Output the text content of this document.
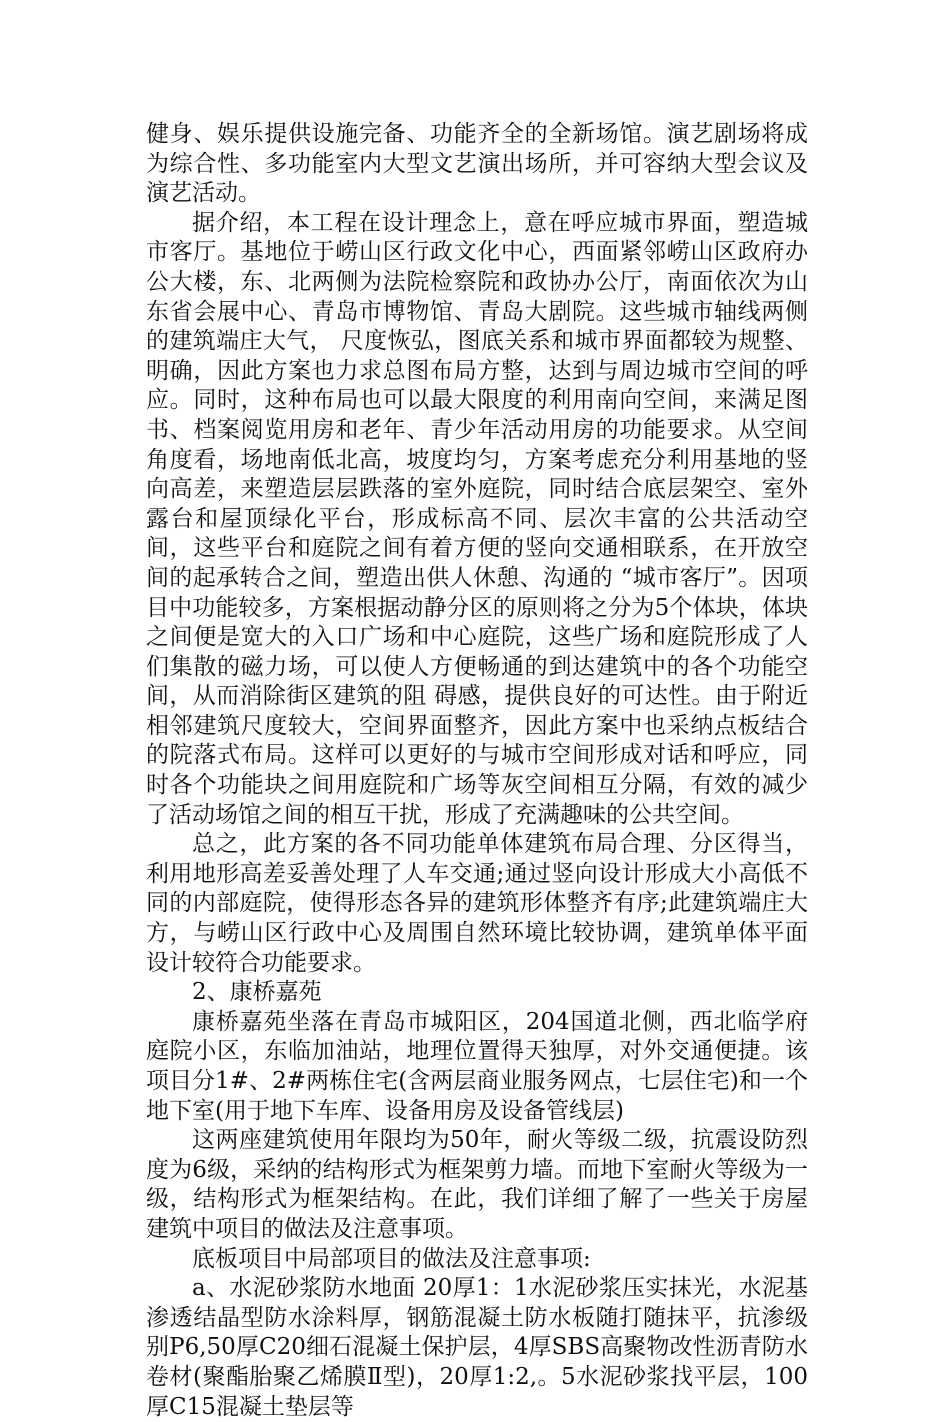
健身、娱乐提供设施完备、功能齐全的全新场馆。演艺剧场将成为综合性、多功能室内大型文艺演出场所，并可容纳大型会议及演艺活动。

据介绍，本工程在设计理念上，意在呼应城市界面，塑造城市客厅。基地位于崂山区行政文化中心，西面紧邻崂山区政府办公大楼，东、北两侧为法院检察院和政协办公厅，南面依次为山东省会展中心、青岛市博物馆、青岛大剧院。这些城市轴线两侧的建筑端庄大气， 尺度恢弘，图底关系和城市界面都较为规整、明确，因此方案也力求总图布局方整，达到与周边城市空间的呼应。同时，这种布局也可以最大限度的利用南向空间，来满足图书、档案阅览用房和老年、青少年活动用房的功能要求。从空间角度看，场地南低北高，坡度均匀，方案考虑充分利用基地的竖向高差，来塑造层层跌落的室外庭院，同时结合底层架空、室外露台和屋顶绿化平台，形成标高不同、层次丰富的公共活动空间，这些平台和庭院之间有着方便的竖向交通相联系，在开放空间的起承转合之间，塑造出供人休憩、沟通的 “城市客厅”。因项目中功能较多，方案根据动静分区的原则将之分为5个体块，体块之间便是宽大的入口广场和中心庭院，这些广场和庭院形成了人们集散的磁力场，可以使人方便畅通的到达建筑中的各个功能空间，从而消除街区建筑的阻 碍感，提供良好的可达性。由于附近相邻建筑尺度较大，空间界面整齐，因此方案中也采纳点板结合的院落式布局。这样可以更好的与城市空间形成对话和呼应，同时各个功能块之间用庭院和广场等灰空间相互分隔，有效的减少了活动场馆之间的相互干扰，形成了充满趣味的公共空间。

总之，此方案的各不同功能单体建筑布局合理、分区得当，利用地形高差妥善处理了人车交通;通过竖向设计形成大小高低不同的内部庭院，使得形态各异的建筑形体整齐有序;此建筑端庄大方，与崂山区行政中心及周围自然环境比较协调，建筑单体平面设计较符合功能要求。

2、康桥嘉苑

康桥嘉苑坐落在青岛市城阳区，204国道北侧，西北临学府庭院小区，东临加油站，地理位置得天独厚，对外交通便捷。该项目分1#、2#两栋住宅(含两层商业服务网点，七层住宅)和一个地下室(用于地下车库、设备用房及设备管线层)

这两座建筑使用年限均为50年，耐火等级二级，抗震设防烈度为6级，采纳的结构形式为框架剪力墙。而地下室耐火等级为一级，结构形式为框架结构。在此，我们详细了解了一些关于房屋建筑中项目的做法及注意事项。

底板项目中局部项目的做法及注意事项:

a、水泥砂浆防水地面 20厚1：1水泥砂浆压实抹光，水泥基渗透结晶型防水涂料厚，钢筋混凝土防水板随打随抹平，抗渗级别P6,50厚C20细石混凝土保护层，4厚SBS高聚物改性沥青防水卷材(聚酯胎聚乙烯膜Ⅱ型)，20厚1:2,。5水泥砂浆找平层，100厚C15混凝土垫层等
